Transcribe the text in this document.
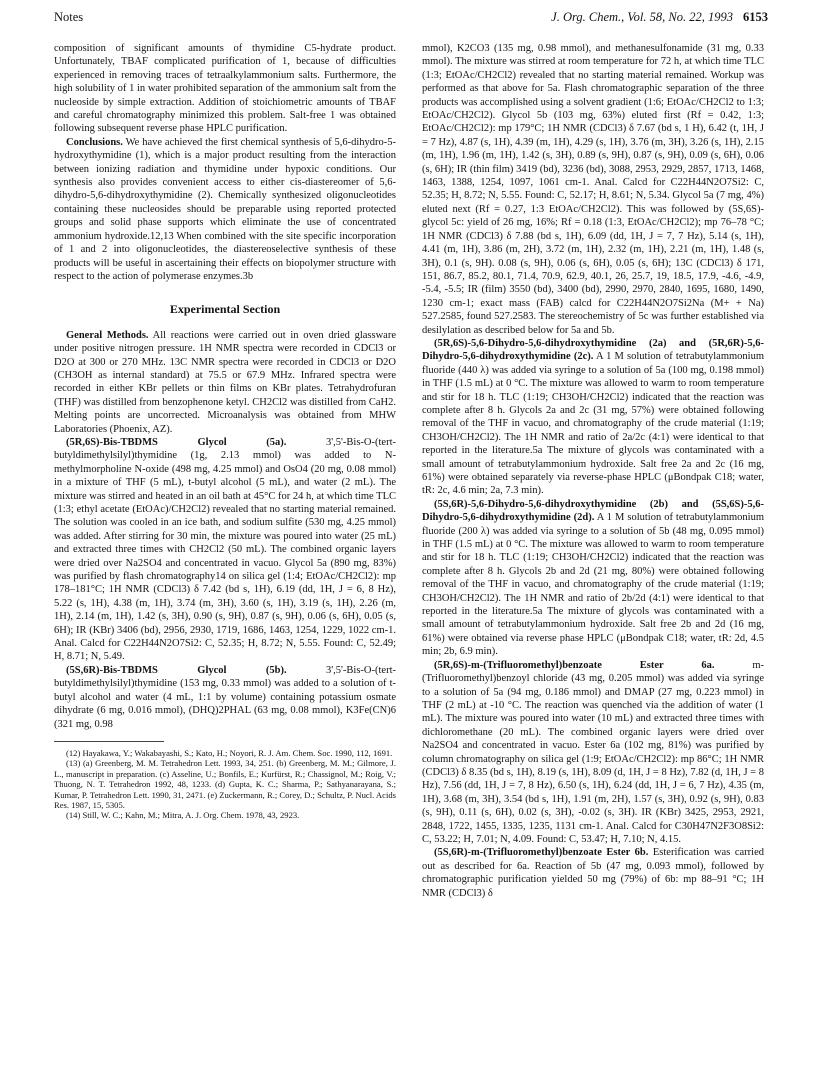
Notes	J. Org. Chem., Vol. 58, No. 22, 1993 6153

composition of significant amounts of thymidine C5-hydrate product. Unfortunately, TBAF complicated purification of 1, because of difficulties experienced in removing traces of tetraalkylammonium salts. Furthermore, the high solubility of 1 in water prohibited separation of the ammonium salt from the nucleoside by simple extraction. Addition of stoichiometric amounts of TBAF and careful chromatography minimized this problem. Salt-free 1 was obtained following subsequent reverse phase HPLC purification.

Conclusions. We have achieved the first chemical synthesis of 5,6-dihydro-5-hydroxythymidine (1), which is a major product resulting from the interaction between ionizing radiation and thymidine under hypoxic conditions. Our synthesis also provides convenient access to either cis-diastereomer of 5,6-dihydro-5,6-dihydroxythymidine (2). Chemically synthesized oligonucleotides containing these nucleosides should be preparable using reported protected groups and solid phase supports which eliminate the use of concentrated ammonium hydroxide.12,13 When combined with the site specific incorporation of 1 and 2 into oligonucleotides, the diastereoselective synthesis of these products will be useful in ascertaining their effects on biopolymer structure with respect to the action of polymerase enzymes.3b

Experimental Section

General Methods. All reactions were carried out in oven dried glassware under positive nitrogen pressure. 1H NMR spectra were recorded in CDCl3 or D2O at 300 or 270 MHz. 13C NMR spectra were recorded in CDCl3 or D2O (CH3OH as internal standard) at 75.5 or 67.9 MHz. Infrared spectra were recorded in either KBr pellets or thin films on KBr plates. Tetrahydrofuran (THF) was distilled from benzophenone ketyl. CH2Cl2 was distilled from CaH2. Melting points are uncorrected. Microanalysis was obtained from MHW Laboratories (Phoenix, AZ).

(5R,6S)-Bis-TBDMS Glycol (5a). 3',5'-Bis-O-(tert-butyldimethylsilyl)thymidine (1g, 2.13 mmol) was added to N-methylmorpholine N-oxide (498 mg, 4.25 mmol) and OsO4 (20 mg, 0.08 mmol) in a mixture of THF (5 mL), t-butyl alcohol (5 mL), and water (2 mL). The mixture was stirred and heated in an oil bath at 45°C for 24 h, at which time TLC (1:3; ethyl acetate (EtOAc)/CH2Cl2) revealed that no starting material remained. The solution was cooled in an ice bath, and sodium sulfite (530 mg, 4.25 mmol) was added. After stirring for 30 min, the mixture was poured into water (25 mL) and extracted three times with CH2Cl2 (50 mL). The combined organic layers were dried over Na2SO4 and concentrated in vacuo. Glycol 5a (890 mg, 83%) was purified by flash chromatography14 on silica gel (1:4; EtOAc/CH2Cl2): mp 178–181°C; 1H NMR (CDCl3) δ 7.42 (bd s, 1H), 6.19 (dd, 1H, J = 6, 8 Hz), 5.22 (s, 1H), 4.38 (m, 1H), 3.74 (m, 3H), 3.60 (s, 1H), 3.19 (s, 1H), 2.26 (m, 1H), 2.14 (m, 1H), 1.42 (s, 3H), 0.90 (s, 9H), 0.87 (s, 9H), 0.06 (s, 6H), 0.05 (s, 6H); IR (KBr) 3406 (bd), 2956, 2930, 1719, 1686, 1463, 1254, 1229, 1022 cm-1. Anal. Calcd for C22H44N2O7Si2: C, 52.35; H, 8.72; N, 5.55. Found: C, 52.49; H, 8.71; N, 5.49.

(5S,6R)-Bis-TBDMS Glycol (5b). 3',5'-Bis-O-(tert-butyldimethylsilyl)thymidine (153 mg, 0.33 mmol) was added to a solution of t-butyl alcohol and water (4 mL, 1:1 by volume) containing potassium osmate dihydrate (6 mg, 0.016 mmol), (DHQ)2PHAL (63 mg, 0.08 mmol), K3Fe(CN)6 (321 mg, 0.98

(12) Hayakawa, Y.; Wakabayashi, S.; Kato, H.; Noyori, R. J. Am. Chem. Soc. 1990, 112, 1691.

(13) (a) Greenberg, M. M. Tetrahedron Lett. 1993, 34, 251. (b) Greenberg, M. M.; Gilmore, J. L., manuscript in preparation. (c) Asseline, U.; Bonfils, E.; Kurfürst, R.; Chassignol, M.; Roig, V.; Thuong, N. T. Tetrahedron 1992, 48, 1233. (d) Gupta, K. C.; Sharma, P.; Sathyanarayana, S.; Kumar, P. Tetrahedron Lett. 1990, 31, 2471. (e) Zuckermann, R.; Corey, D.; Schultz, P. Nucl. Acids Res. 1987, 15, 5305.

(14) Still, W. C.; Kahn, M.; Mitra, A. J. Org. Chem. 1978, 43, 2923.

mmol), K2CO3 (135 mg, 0.98 mmol), and methanesulfonamide (31 mg, 0.33 mmol). The mixture was stirred at room temperature for 72 h, at which time TLC (1:3; EtOAc/CH2Cl2) revealed that no starting material remained. Workup was performed as that above for 5a. Flash chromatographic separation of the three products was accomplished using a solvent gradient (1:6; EtOAc/CH2Cl2 to 1:3; EtOAc/CH2Cl2). Glycol 5b (103 mg, 63%) eluted first (Rf = 0.42, 1:3; EtOAc/CH2Cl2): mp 179°C; 1H NMR (CDCl3) δ 7.67 (bd s, 1 H), 6.42 (t, 1H, J = 7 Hz), 4.87 (s, 1H), 4.39 (m, 1H), 4.29 (s, 1H), 3.76 (m, 3H), 3.26 (s, 1H), 2.15 (m, 1H), 1.96 (m, 1H), 1.42 (s, 3H), 0.89 (s, 9H), 0.87 (s, 9H), 0.09 (s, 6H), 0.06 (s, 6H); IR (thin film) 3419 (bd), 3236 (bd), 3088, 2953, 2929, 2857, 1713, 1468, 1463, 1388, 1254, 1097, 1061 cm-1. Anal. Calcd for C22H44N2O7Si2: C, 52.35; H, 8.72; N, 5.55. Found: C, 52.17; H, 8.61; N, 5.34. Glycol 5a (7 mg, 4%) eluted next (Rf = 0.27, 1:3 EtOAc/CH2Cl2). This was followed by (5S,6S)-glycol 5c: yield of 26 mg, 16%; Rf = 0.18 (1:3, EtOAc/CH2Cl2); mp 76–78 °C; 1H NMR (CDCl3) δ 7.88 (bd s, 1H), 6.09 (dd, 1H, J = 7, 7 Hz), 5.14 (s, 1H), 4.41 (m, 1H), 3.86 (m, 2H), 3.72 (m, 1H), 2.32 (m, 1H), 2.21 (m, 1H), 1.48 (s, 3H), 0.1 (s, 9H). 0.08 (s, 9H), 0.06 (s, 6H), 0.05 (s, 6H); 13C (CDCl3) δ 171, 151, 86.7, 85.2, 80.1, 71.4, 70.9, 62.9, 40.1, 26, 25.7, 19, 18.5, 17.9, -4.6, -4.9, -5.4, -5.5; IR (film) 3550 (bd), 3400 (bd), 2990, 2970, 2840, 1695, 1680, 1490, 1230 cm-1; exact mass (FAB) calcd for C22H44N2O7Si2Na (M+ + Na) 527.2585, found 527.2583. The stereochemistry of 5c was further established via desilylation as described below for 5a and 5b.

(5R,6S)-5,6-Dihydro-5,6-dihydroxythymidine (2a) and (5R,6R)-5,6-Dihydro-5,6-dihydroxythymidine (2c). A 1 M solution of tetrabutylammonium fluoride (440 λ) was added via syringe to a solution of 5a (100 mg, 0.198 mmol) in THF (1.5 mL) at 0 °C. The mixture was allowed to warm to room temperature and stir for 18 h. TLC (1:19; CH3OH/CH2Cl2) indicated that the reaction was complete after 8 h. Glycols 2a and 2c (31 mg, 57%) were obtained following removal of the THF in vacuo, and chromatography of the crude material (1:19; CH3OH/CH2Cl2). The 1H NMR and ratio of 2a/2c (4:1) were identical to that reported in the literature.5a The mixture of glycols was contaminated with a small amount of tetrabutylammonium hydroxide. Salt free 2a and 2c (16 mg, 61%) were obtained separately via reverse-phase HPLC (μBondpak C18; water, tR: 2c, 4.6 min; 2a, 7.3 min).

(5S,6R)-5,6-Dihydro-5,6-dihydroxythymidine (2b) and (5S,6S)-5,6-Dihydro-5,6-dihydroxythymidine (2d). A 1 M solution of tetrabutylammonium fluoride (200 λ) was added via syringe to a solution of 5b (48 mg, 0.095 mmol) in THF (1.5 mL) at 0 °C. The mixture was allowed to warm to room temperature and stir for 18 h. TLC (1:19; CH3OH/CH2Cl2) indicated that the reaction was complete after 8 h. Glycols 2b and 2d (21 mg, 80%) were obtained following removal of the THF in vacuo, and chromatography of the crude material (1:19; CH3OH/CH2Cl2). The 1H NMR and ratio of 2b/2d (4:1) were identical to that reported in the literature.5a The mixture of glycols was contaminated with a small amount of tetrabutylammonium hydroxide. Salt free 2b and 2d (16 mg, 61%) were obtained via reverse phase HPLC (μBondpak C18; water, tR: 2d, 4.5 min; 2b, 6.9 min).

(5R,6S)-m-(Trifluoromethyl)benzoate Ester 6a. m-(Trifluoromethyl)benzoyl chloride (43 mg, 0.205 mmol) was added via syringe to a solution of 5a (94 mg, 0.186 mmol) and DMAP (27 mg, 0.223 mmol) in THF (2 mL) at -10 °C. The reaction was quenched via the addition of water (1 mL). The mixture was poured into water (10 mL) and extracted three times with dichloromethane (20 mL). The combined organic layers were dried over Na2SO4 and concentrated in vacuo. Ester 6a (102 mg, 81%) was purified by column chromatography on silica gel (1:9; EtOAc/CH2Cl2): mp 86°C; 1H NMR (CDCl3) δ 8.35 (bd s, 1H), 8.19 (s, 1H), 8.09 (d, 1H, J = 8 Hz), 7.82 (d, 1H, J = 8 Hz), 7.56 (dd, 1H, J = 7, 8 Hz), 6.50 (s, 1H), 6.24 (dd, 1H, J = 6, 7 Hz), 4.35 (m, 1H), 3.68 (m, 3H), 3.54 (bd s, 1H), 1.91 (m, 2H), 1.57 (s, 3H), 0.92 (s, 9H), 0.83 (s, 9H), 0.11 (s, 6H), 0.02 (s, 3H), -0.02 (s, 3H). IR (KBr) 3425, 2953, 2921, 2848, 1722, 1455, 1335, 1235, 1131 cm-1. Anal. Calcd for C30H47N2F3O8Si2: C, 53.22; H, 7.01; N, 4.09. Found: C, 53.47; H, 7.10; N, 4.15.

(5S,6R)-m-(Trifluoromethyl)benzoate Ester 6b. Esterification was carried out as described for 6a. Reaction of 5b (47 mg, 0.093 mmol), followed by chromatographic purification yielded 50 mg (79%) of 6b: mp 88–91 °C; 1H NMR (CDCl3) δ
